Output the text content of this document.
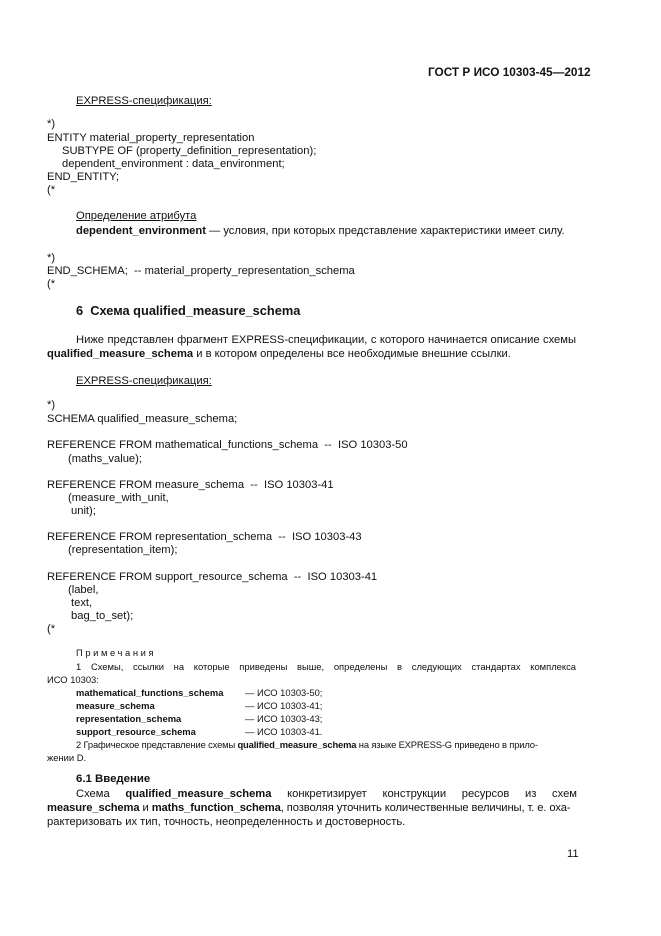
ГОСТ Р ИСО 10303-45—2012
EXPRESS-спецификация:
*)
ENTITY material_property_representation
SUBTYPE OF (property_definition_representation);
dependent_environment : data_environment;
END_ENTITY;
(*
Определение атрибута
dependent_environment — условия, при которых представление характеристики имеет силу.
*)
END_SCHEMA;  -- material_property_representation_schema
(*
6  Схема qualified_measure_schema
Ниже представлен фрагмент EXPRESS-спецификации, с которого начинается описание схемы
qualified_measure_schema и в котором определены все необходимые внешние ссылки.
EXPRESS-спецификация:
*)
SCHEMA qualified_measure_schema;
REFERENCE FROM mathematical_functions_schema  --  ISO 10303-50
(maths_value);
REFERENCE FROM measure_schema  --  ISO 10303-41
(measure_with_unit,
unit);
REFERENCE FROM representation_schema  --  ISO 10303-43
(representation_item);
REFERENCE FROM support_resource_schema  --  ISO 10303-41
(label,
text,
bag_to_set);
(*
Примечания
1 Схемы, ссылки на которые приведены выше, определены в следующих стандартах комплекса
ИСО 10303:
mathematical_functions_schema — ИСО 10303-50;
measure_schema	— ИСО 10303-41;
representation_schema	— ИСО 10303-43;
support_resource_schema	— ИСО 10303-41.
2 Графическое представление схемы qualified_measure_schema на языке EXPRESS-G приведено в прило-
жении D.
6.1 Введение
Схема qualified_measure_schema конкретизирует конструкции ресурсов из схем
measure_schema и maths_function_schema, позволяя уточнить количественные величины, т. е. оха-
рактеризовать их тип, точность, неопределенность и достоверность.
11
